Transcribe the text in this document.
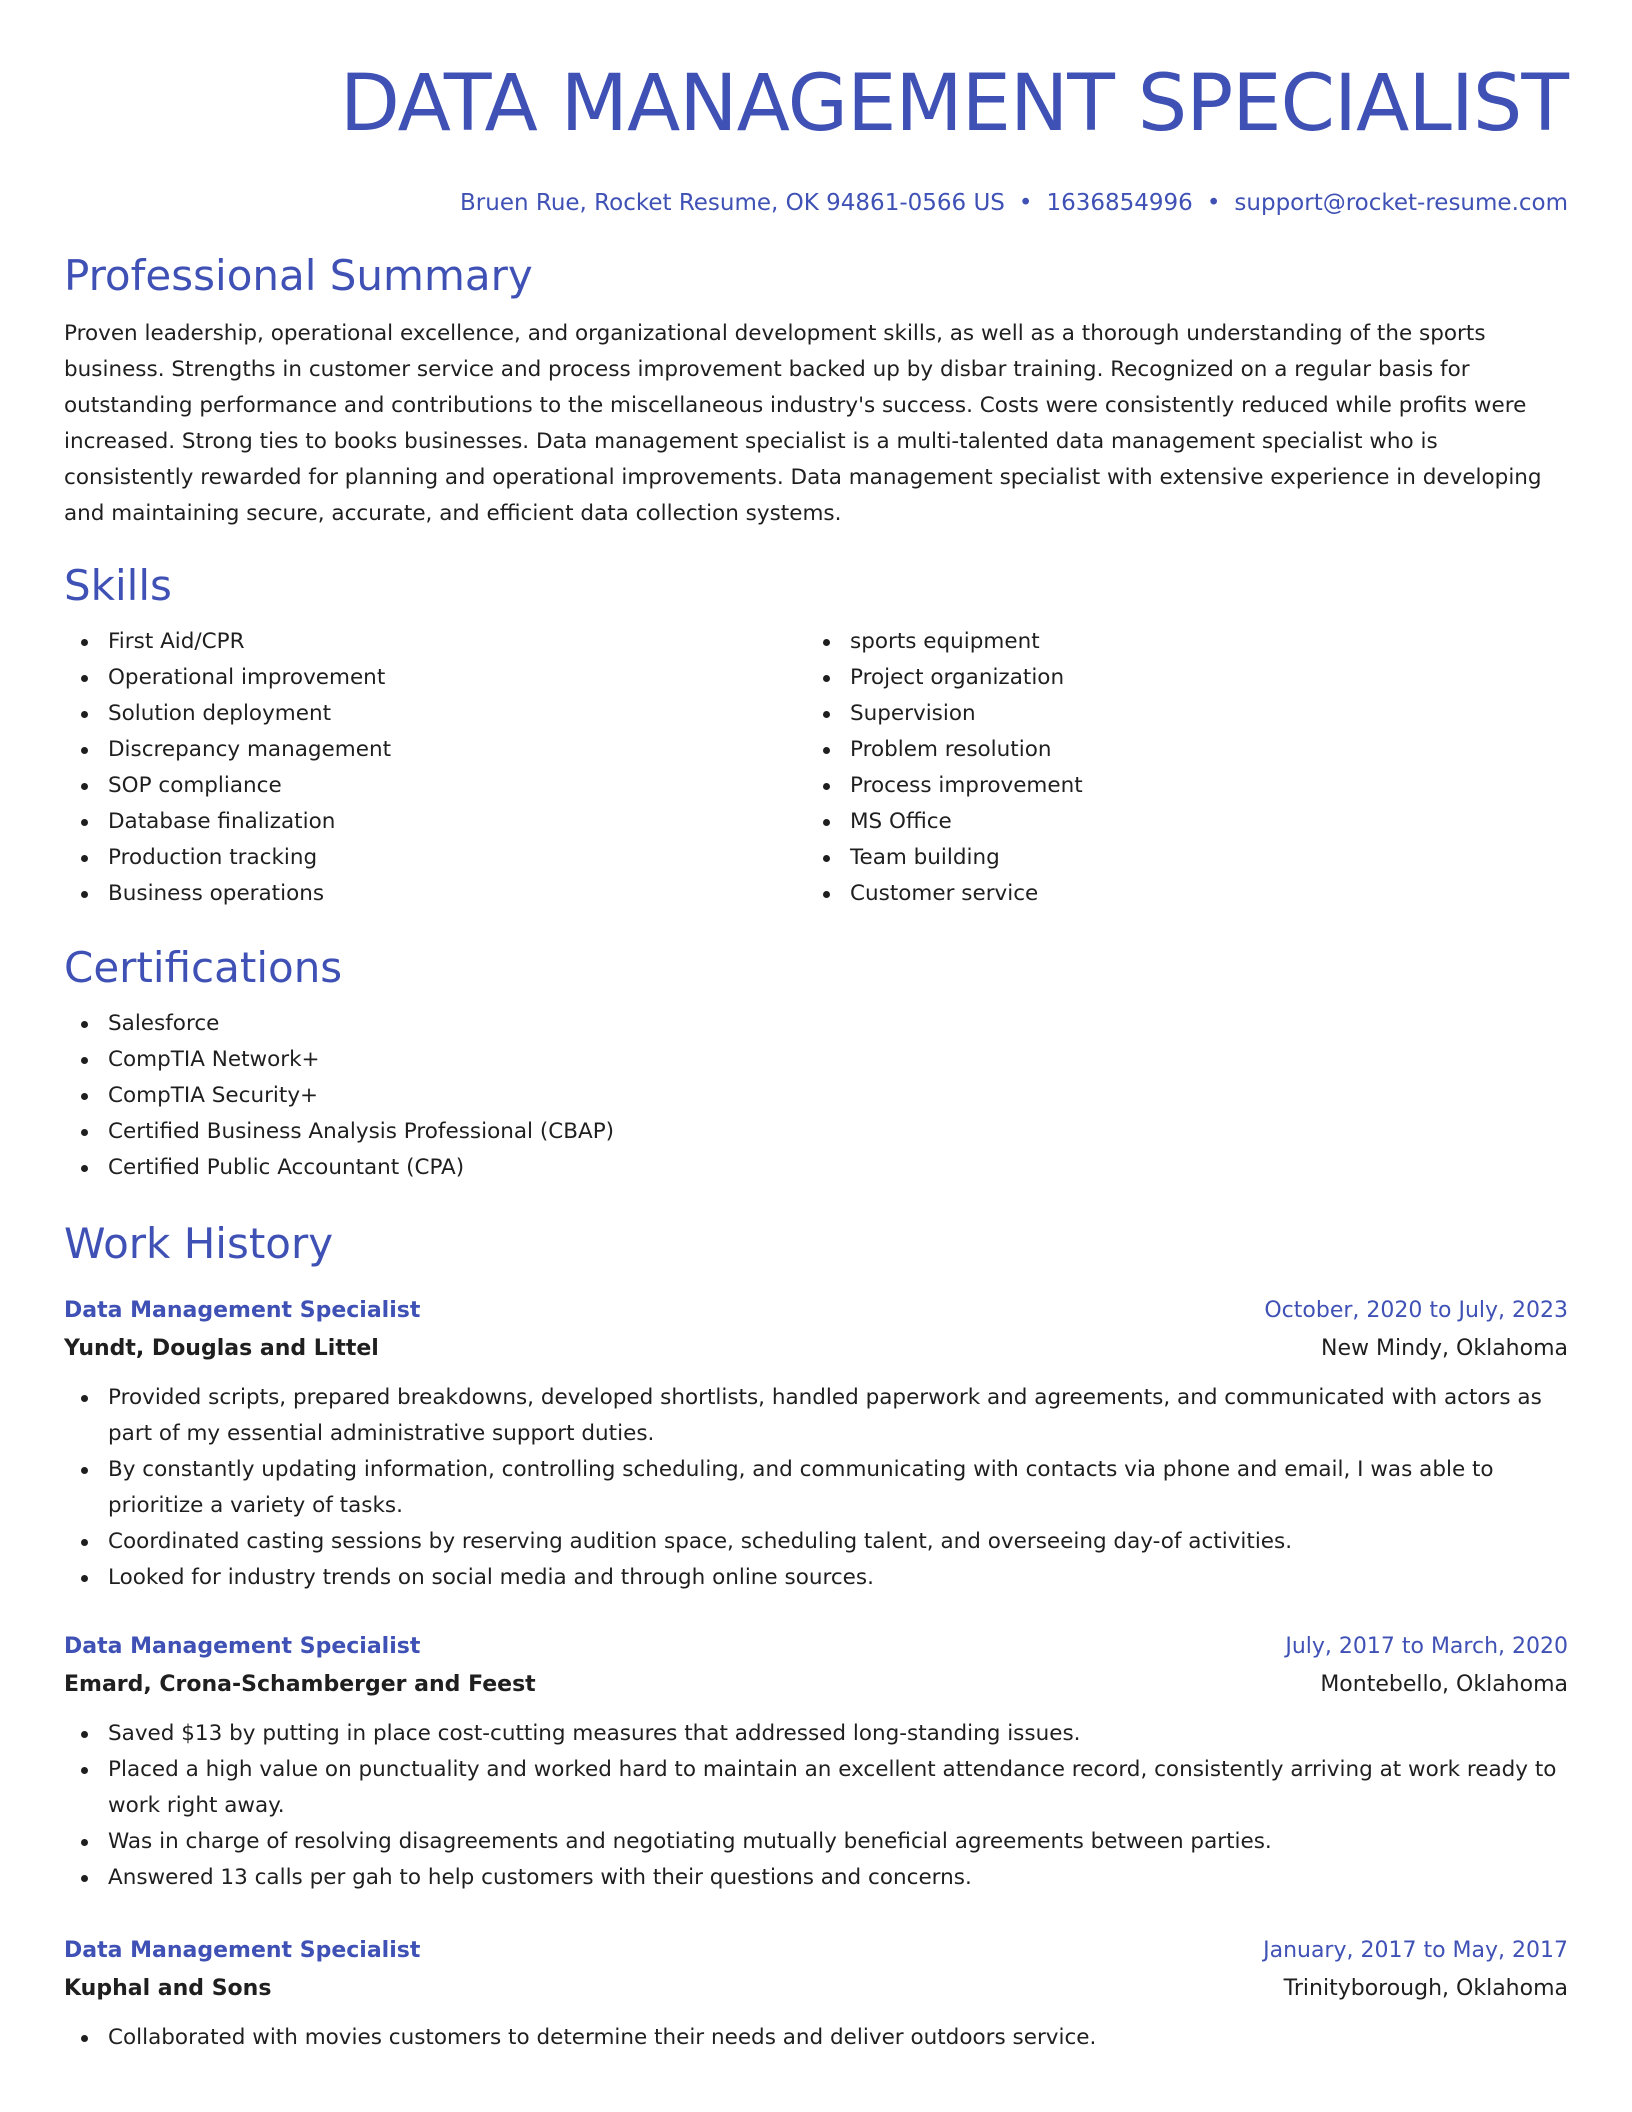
DATA MANAGEMENT SPECIALIST
Bruen Rue, Rocket Resume, OK 94861-0566 US • 1636854996 • support@rocket-resume.com
Professional Summary

Proven leadership, operational excellence, and organizational development skills, as well as a thorough understanding of the sports business. Strengths in customer service and process improvement backed up by disbar training. Recognized on a regular basis for outstanding performance and contributions to the miscellaneous industry's success. Costs were consistently reduced while profits were increased. Strong ties to books businesses. Data management specialist is a multi-talented data management specialist who is consistently rewarded for planning and operational improvements. Data management specialist with extensive experience in developing and maintaining secure, accurate, and efficient data collection systems.

Skills
First Aid/CPR
Operational improvement
Solution deployment
Discrepancy management
SOP compliance
Database finalization
Production tracking
Business operations
sports equipment
Project organization
Supervision
Problem resolution
Process improvement
MS Office
Team building
Customer service
Certifications
Salesforce
CompTIA Network+
CompTIA Security+
Certified Business Analysis Professional (CBAP)
Certified Public Accountant (CPA)
Work History
Data Management Specialist	October, 2020 to July, 2023
Yundt, Douglas and Littel	New Mindy, Oklahoma
Provided scripts, prepared breakdowns, developed shortlists, handled paperwork and agreements, and communicated with actors as part of my essential administrative support duties.
By constantly updating information, controlling scheduling, and communicating with contacts via phone and email, I was able to prioritize a variety of tasks.
Coordinated casting sessions by reserving audition space, scheduling talent, and overseeing day-of activities.
Looked for industry trends on social media and through online sources.
Data Management Specialist	July, 2017 to March, 2020
Emard, Crona-Schamberger and Feest	Montebello, Oklahoma
Saved $13 by putting in place cost-cutting measures that addressed long-standing issues.
Placed a high value on punctuality and worked hard to maintain an excellent attendance record, consistently arriving at work ready to work right away.
Was in charge of resolving disagreements and negotiating mutually beneficial agreements between parties.
Answered 13 calls per gah to help customers with their questions and concerns.
Data Management Specialist	January, 2017 to May, 2017
Kuphal and Sons	Trinityborough, Oklahoma
Collaborated with movies customers to determine their needs and deliver outdoors service.
